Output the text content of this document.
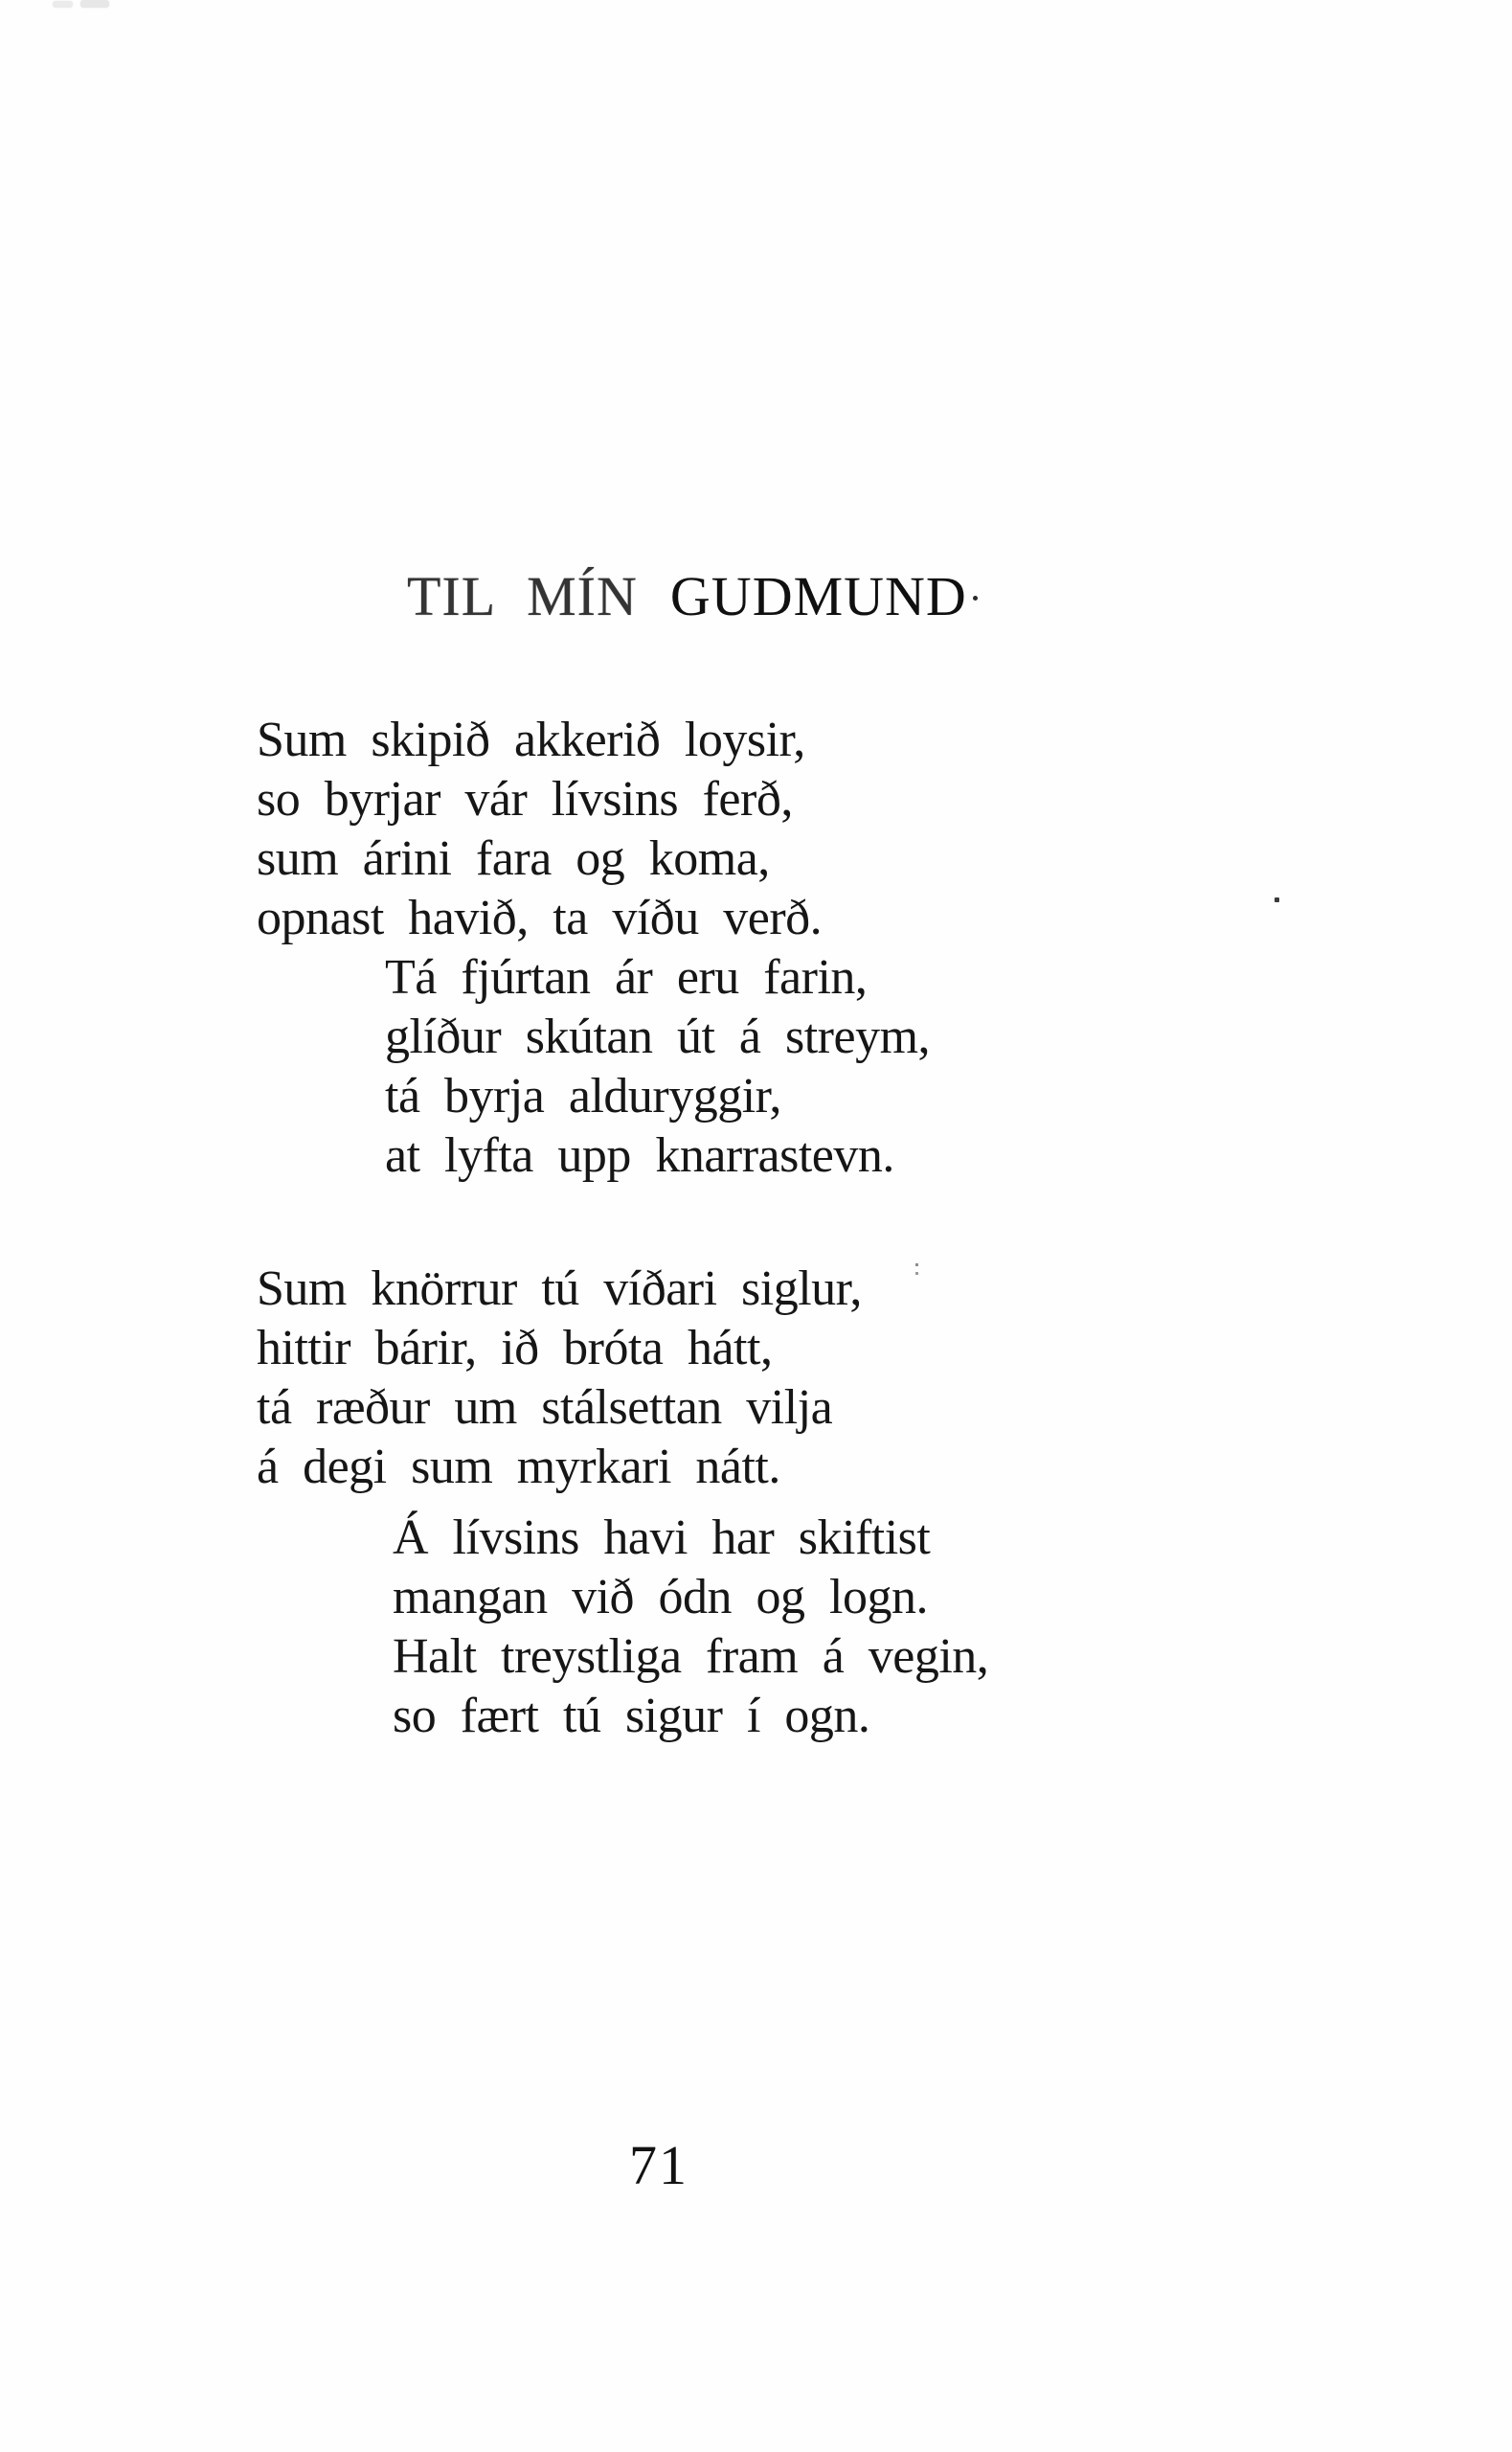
TIL MÍN GUDMUND
Sum skipið akkerið loysir,
so byrjar vár lívsins ferð,
sum árini fara og koma,
opnast havið, ta víðu verð.
Tá fjúrtan ár eru farin,
glíður skútan út á streym,
tá byrja alduryggir,
at lyfta upp knarrastevn.
Sum knörrur tú víðari siglur,
hittir bárir, ið bróta hátt,
tá ræður um stálsettan vilja
á degi sum myrkari nátt.
Á lívsins havi har skiftist
mangan við ódn og logn.
Halt treystliga fram á vegin,
so fært tú sigur í ogn.
71
